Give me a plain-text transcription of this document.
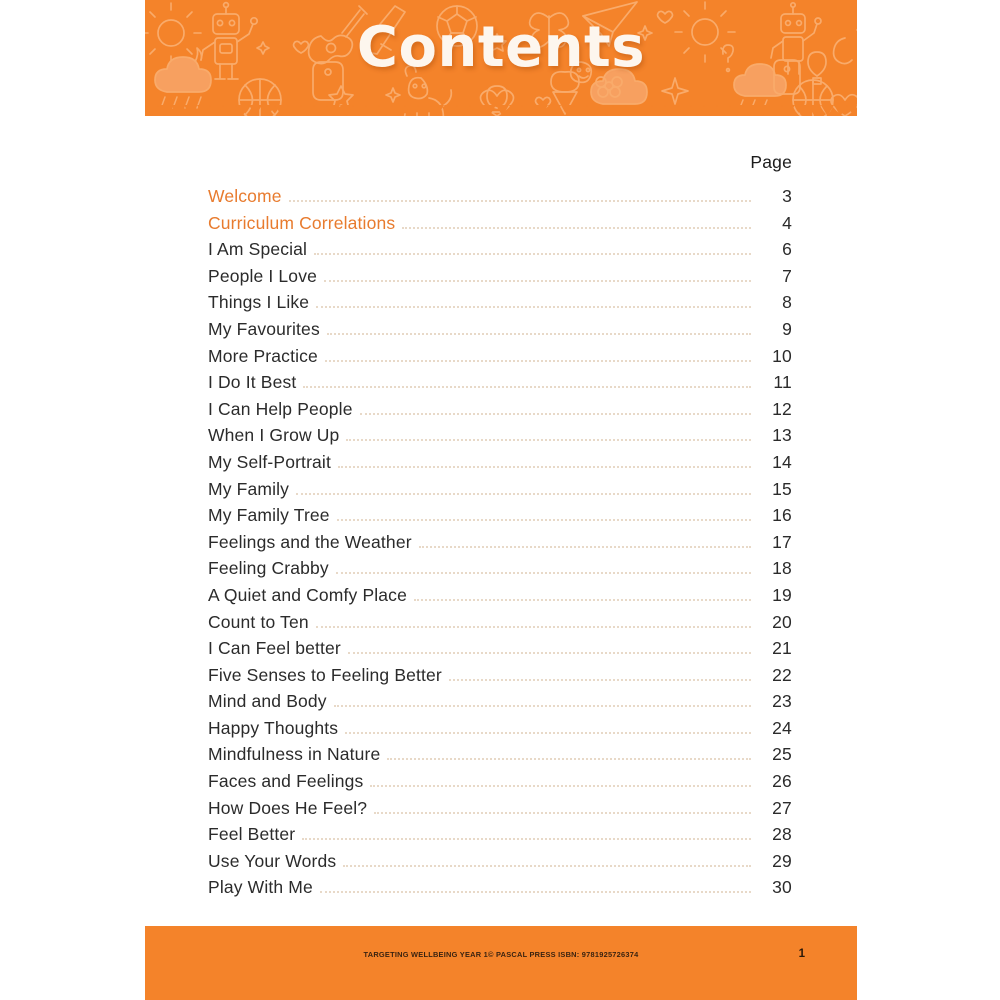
Contents
Page
Welcome	3
Curriculum Correlations	4
I Am Special	6
People I Love	7
Things I Like	8
My Favourites	9
More Practice	10
I Do It Best	11
I Can Help People	12
When I Grow Up	13
My Self-Portrait	14
My Family	15
My Family Tree	16
Feelings and the Weather	17
Feeling Crabby	18
A Quiet and Comfy Place	19
Count to Ten	20
I Can Feel better	21
Five Senses to Feeling Better	22
Mind and Body	23
Happy Thoughts	24
Mindfulness in Nature	25
Faces and Feelings	26
How Does He Feel?	27
Feel Better	28
Use Your Words	29
Play With Me	30
TARGETING WELLBEING YEAR 1© PASCAL PRESS ISBN: 9781925726374	1
